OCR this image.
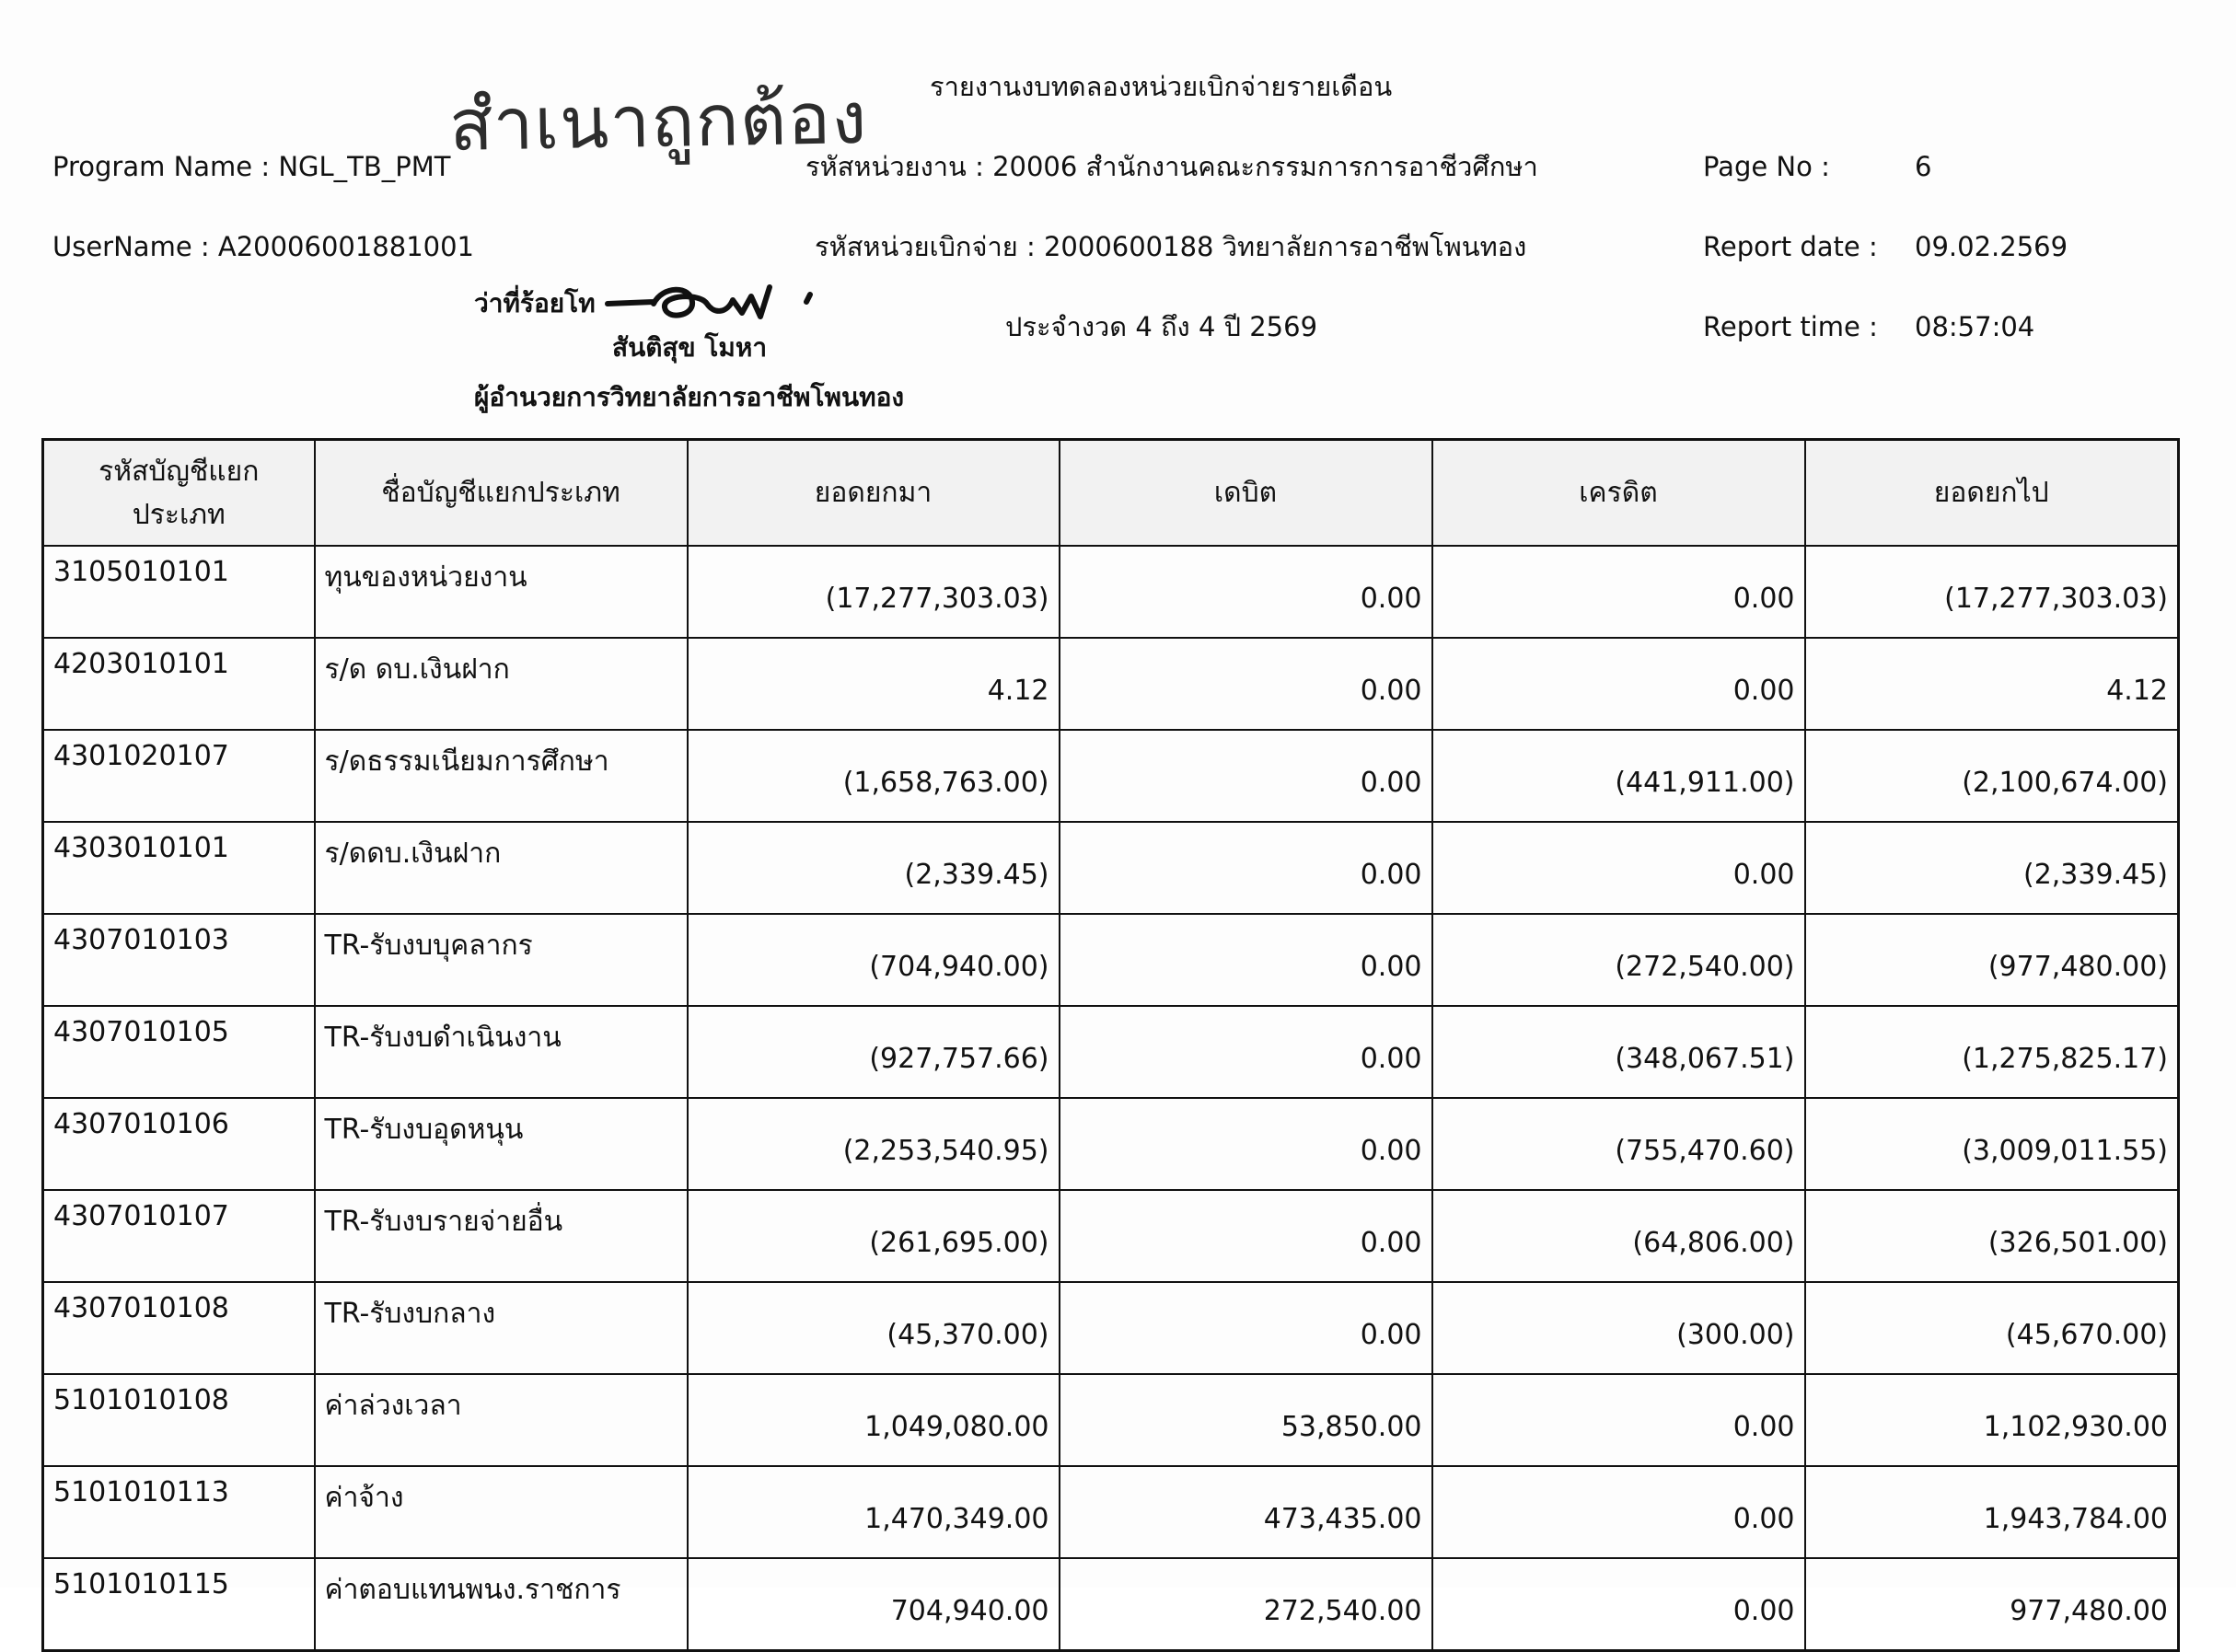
รายงานงบทดลองหน่วยเบิกจ่ายรายเดือน
สำเนาถูกต้อง
Program Name : NGL_TB_PMT
UserName : A20006001881001
รหัสหน่วยงาน : 20006 สำนักงานคณะกรรมการการอาชีวศึกษา
รหัสหน่วยเบิกจ่าย : 2000600188 วิทยาลัยการอาชีพโพนทอง
ประจำงวด 4 ถึง 4 ปี 2569
Page No :	6
Report date : 09.02.2569
Report time : 08:57:04
ว่าที่ร้อยโท
สันติสุข โมหา
ผู้อำนวยการวิทยาลัยการอาชีพโพนทอง
รหัสบัญชีแยกประเภท	ชื่อบัญชีแยกประเภท	ยอดยกมา	เดบิต	เครดิต	ยอดยกไป
3105010101	ทุนของหน่วยงาน	(17,277,303.03)	0.00	0.00	(17,277,303.03)
4203010101	ร/ด ดบ.เงินฝาก	4.12	0.00	0.00	4.12
4301020107	ร/ดธรรมเนียมการศึกษา	(1,658,763.00)	0.00	(441,911.00)	(2,100,674.00)
4303010101	ร/ดดบ.เงินฝาก	(2,339.45)	0.00	0.00	(2,339.45)
4307010103	TR-รับงบบุคลากร	(704,940.00)	0.00	(272,540.00)	(977,480.00)
4307010105	TR-รับงบดำเนินงาน	(927,757.66)	0.00	(348,067.51)	(1,275,825.17)
4307010106	TR-รับงบอุดหนุน	(2,253,540.95)	0.00	(755,470.60)	(3,009,011.55)
4307010107	TR-รับงบรายจ่ายอื่น	(261,695.00)	0.00	(64,806.00)	(326,501.00)
4307010108	TR-รับงบกลาง	(45,370.00)	0.00	(300.00)	(45,670.00)
5101010108	ค่าล่วงเวลา	1,049,080.00	53,850.00	0.00	1,102,930.00
5101010113	ค่าจ้าง	1,470,349.00	473,435.00	0.00	1,943,784.00
5101010115	ค่าตอบแทนพนง.ราชการ	704,940.00	272,540.00	0.00	977,480.00
